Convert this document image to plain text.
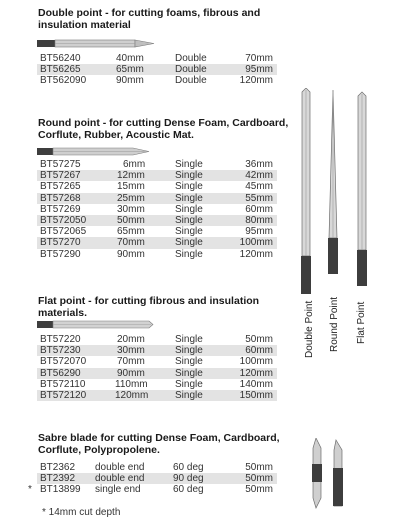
Double point - for cutting foams, fibrous and
insulation material
BT56240	40mm	Double	70mm
BT56265	65mm	Double	95mm
BT562090	90mm	Double	120mm
Round point - for cutting Dense Foam, Cardboard,
Corflute, Rubber, Acoustic Mat.
BT57275	6mm	Single	36mm
BT57267	12mm	Single	42mm
BT57265	15mm	Single	45mm
BT57268	25mm	Single	55mm
BT57269	30mm	Single	60mm
BT572050	50mm	Single	80mm
BT572065	65mm	Single	95mm
BT57270	70mm	Single	100mm
BT57290	90mm	Single	120mm
Flat point - for cutting fibrous and insulation
materials.
BT57220	20mm	Single	50mm
BT57230	30mm	Single	60mm
BT572070	70mm	Single	100mm
BT56290	90mm	Single	120mm
BT572110	110mm	Single	140mm
BT572120	120mm	Single	150mm
Sabre blade for cutting Dense Foam, Cardboard,
Corflute, Polypropolene.
BT2362 double end	60 deg	50mm
BT2392 double end	90 deg	50mm
* BT13899 single end	60 deg	50mm
* 14mm cut depth
Double Point Round Point Flat Point
